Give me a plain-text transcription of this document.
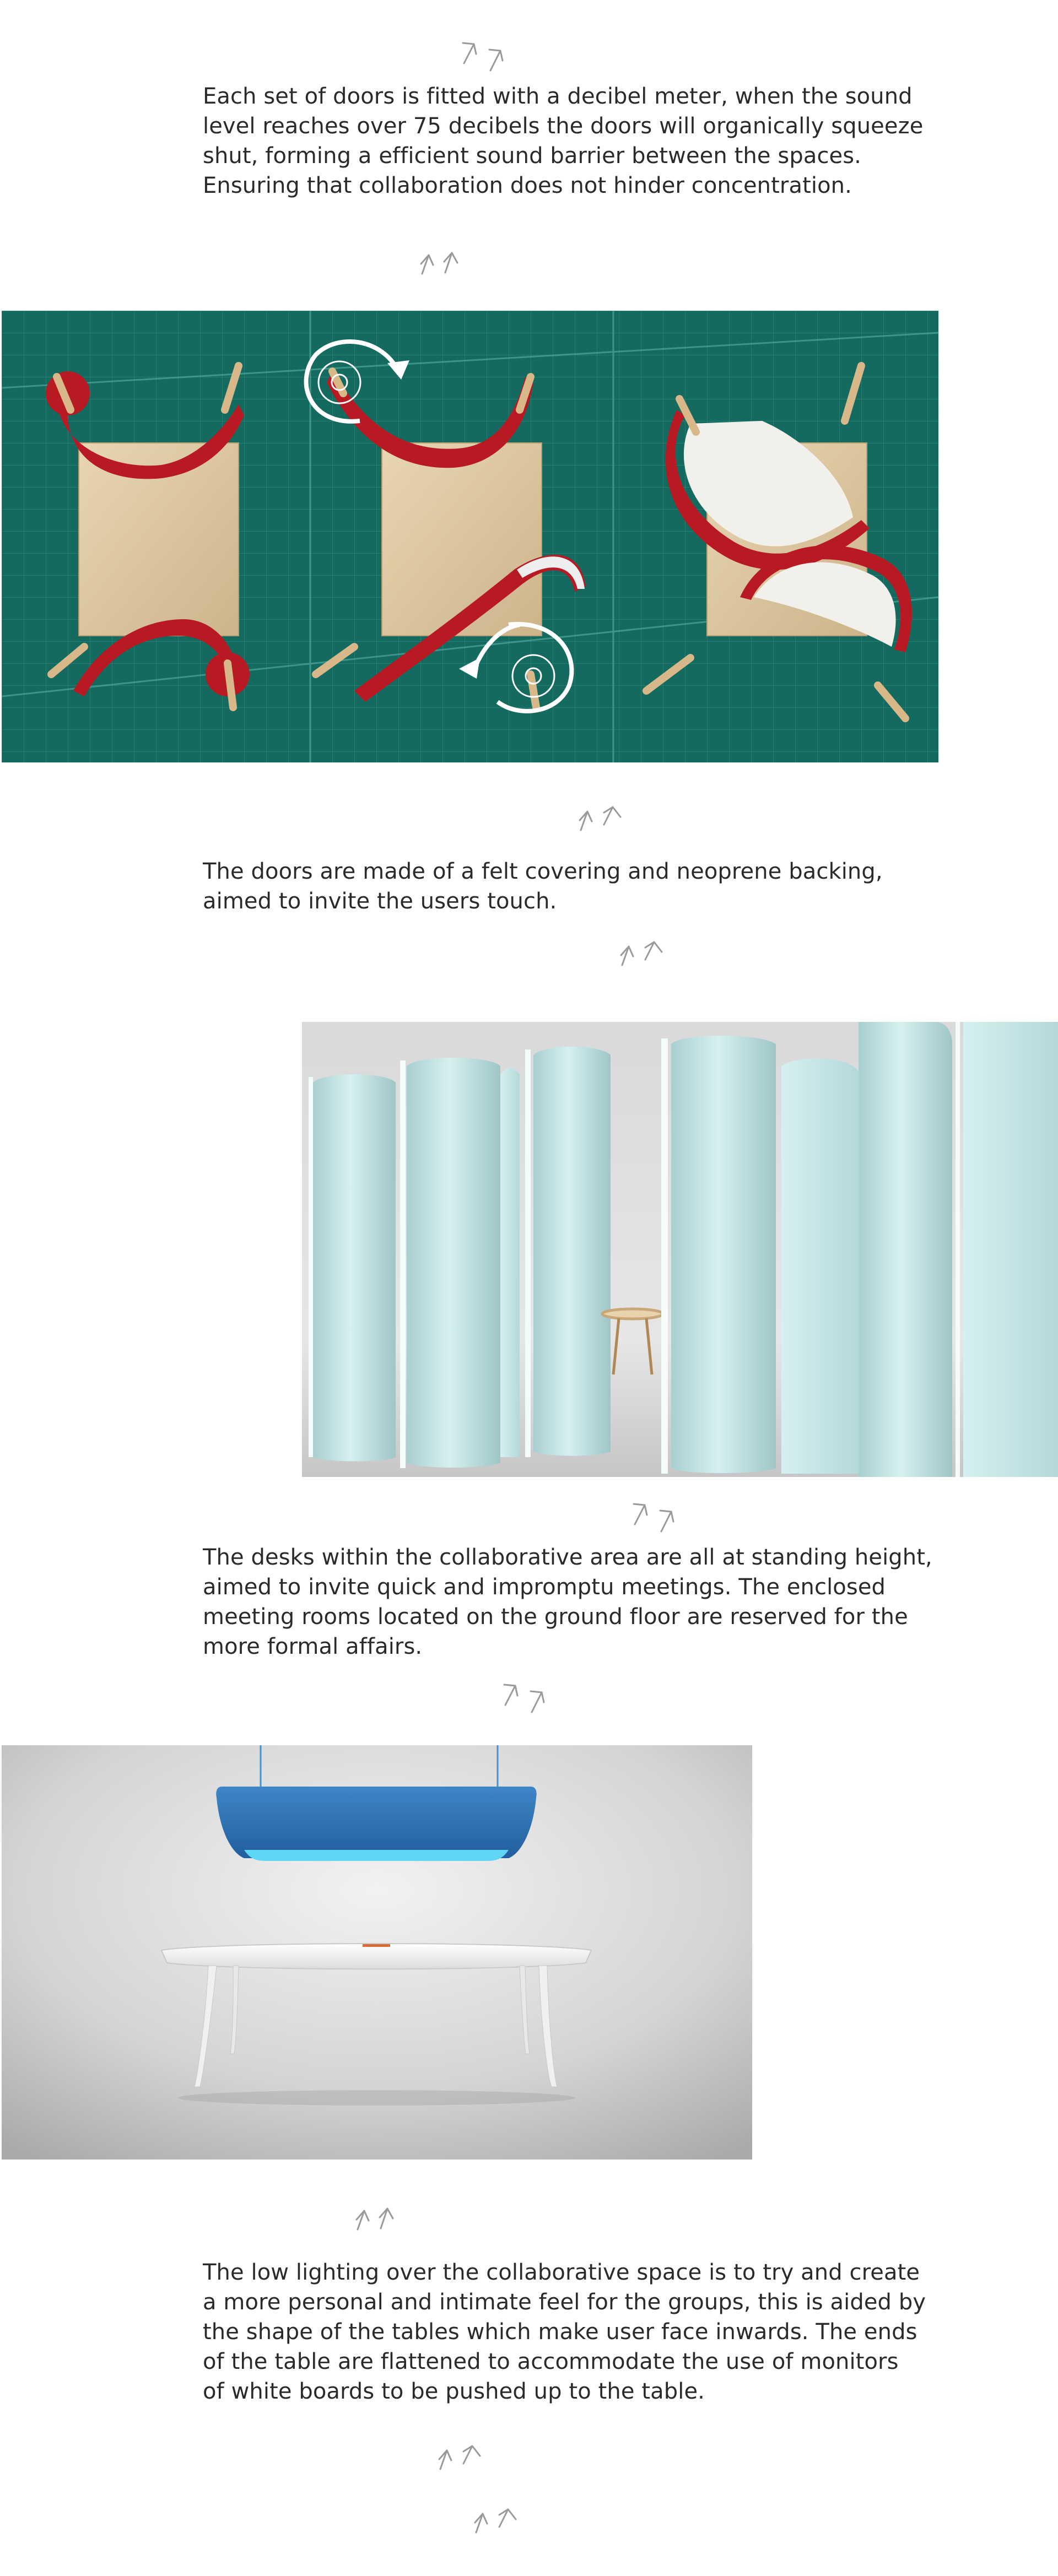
Each set of doors is fitted with a decibel meter, when the sound
level reaches over 75 decibels the doors will organically squeeze
shut, forming a efficient sound barrier between the spaces.
Ensuring that collaboration does not hinder concentration.
The doors are made of a felt covering and neoprene backing,
aimed to invite the users touch.
The desks within the collaborative area are all at standing height,
aimed to invite quick and impromptu meetings. The enclosed
meeting rooms located on the ground floor are reserved for the
more formal affairs.
The low lighting over the collaborative space is to try and create
a more personal and intimate feel for the groups, this is aided by
the shape of the tables which make user face inwards. The ends
of the table are flattened to accommodate the use of monitors
of white boards to be pushed up to the table.
